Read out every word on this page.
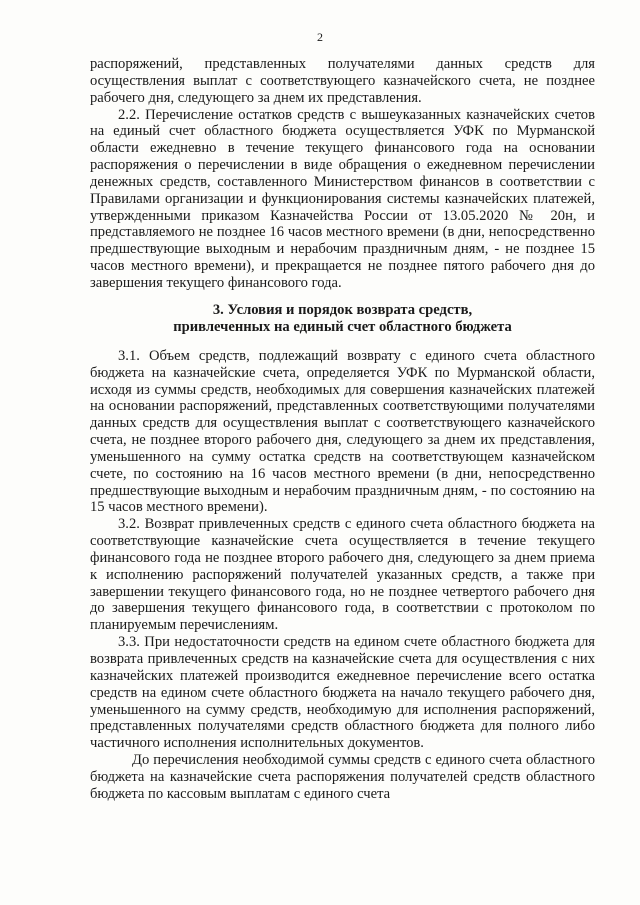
2

распоряжений, представленных получателями данных средств для осуществления выплат с соответствующего казначейского счета, не позднее рабочего дня, следующего за днем их представления.

2.2. Перечисление остатков средств с вышеуказанных казначейских счетов на единый счет областного бюджета осуществляется УФК по Мурманской области ежедневно в течение текущего финансового года на основании распоряжения о перечислении в виде обращения о ежедневном перечислении денежных средств, составленного Министерством финансов в соответствии с Правилами организации и функционирования системы казначейских платежей, утвержденными приказом Казначейства России от 13.05.2020 № 20н, и представляемого не позднее 16 часов местного времени (в дни, непосредственно предшествующие выходным и нерабочим праздничным дням, - не позднее 15 часов местного времени), и прекращается не позднее пятого рабочего дня до завершения текущего финансового года.

3. Условия и порядок возврата средств,
привлеченных на единый счет областного бюджета

3.1. Объем средств, подлежащий возврату с единого счета областного бюджета на казначейские счета, определяется УФК по Мурманской области, исходя из суммы средств, необходимых для совершения казначейских платежей на основании распоряжений, представленных соответствующими получателями данных средств для осуществления выплат с соответствующего казначейского счета, не позднее второго рабочего дня, следующего за днем их представления, уменьшенного на сумму остатка средств на соответствующем казначейском счете, по состоянию на 16 часов местного времени (в дни, непосредственно предшествующие выходным и нерабочим праздничным дням, - по состоянию на 15 часов местного времени).

3.2. Возврат привлеченных средств с единого счета областного бюджета на соответствующие казначейские счета осуществляется в течение текущего финансового года не позднее второго рабочего дня, следующего за днем приема к исполнению распоряжений получателей указанных средств, а также при завершении текущего финансового года, но не позднее четвертого рабочего дня до завершения текущего финансового года, в соответствии с протоколом по планируемым перечислениям.

3.3. При недостаточности средств на едином счете областного бюджета для возврата привлеченных средств на казначейские счета для осуществления с них казначейских платежей производится ежедневное перечисление всего остатка средств на едином счете областного бюджета на начало текущего рабочего дня, уменьшенного на сумму средств, необходимую для исполнения распоряжений, представленных получателями средств областного бюджета для полного либо частичного исполнения исполнительных документов.

До перечисления необходимой суммы средств с единого счета областного бюджета на казначейские счета распоряжения получателей средств областного бюджета по кассовым выплатам с единого счета
